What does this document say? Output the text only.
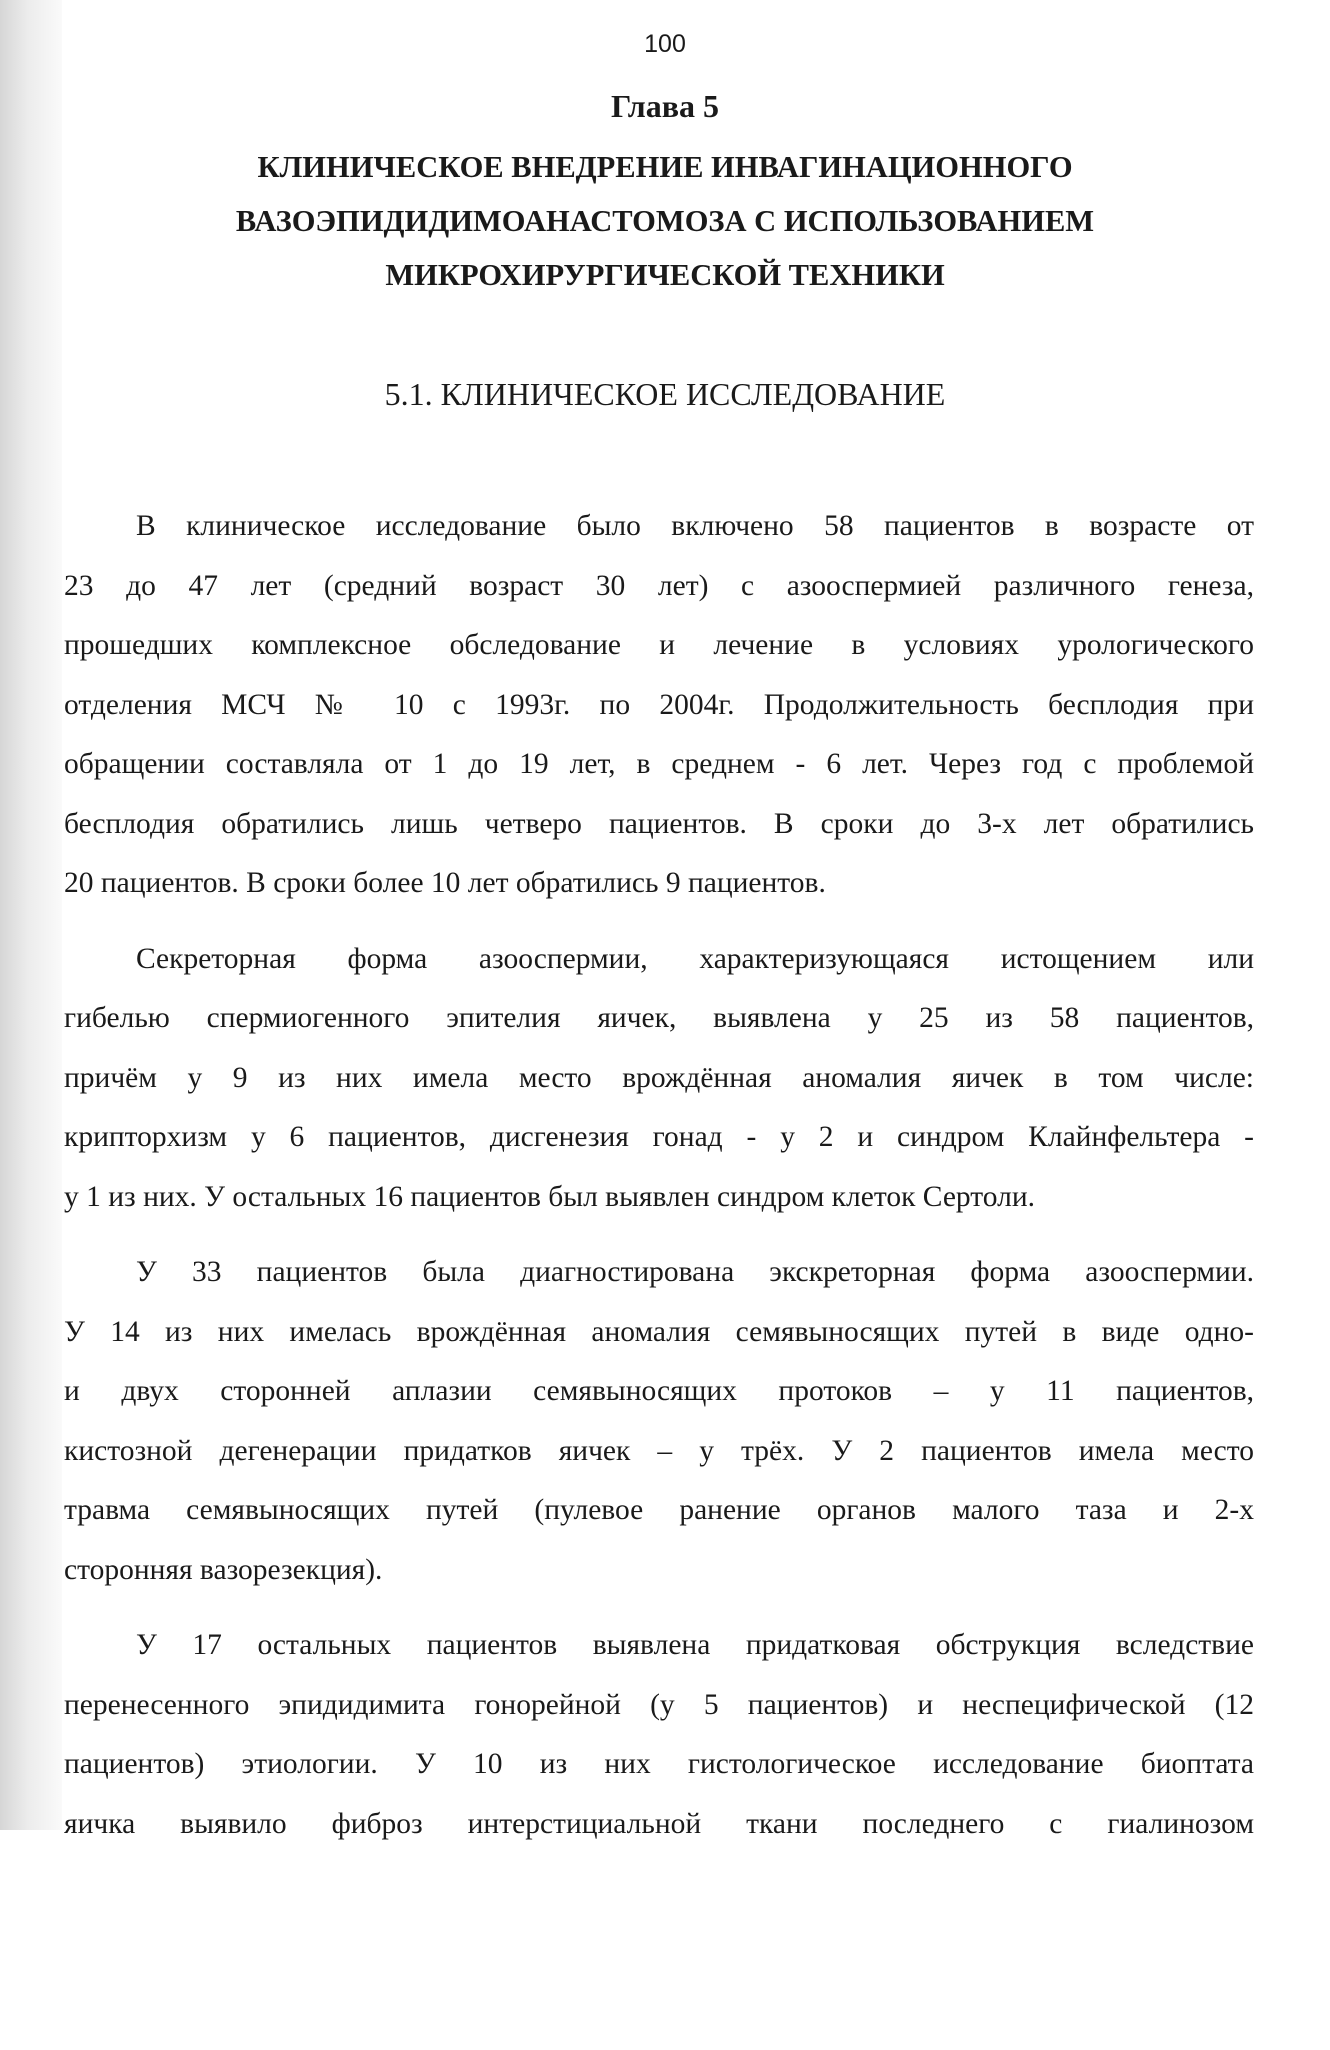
100
Глава 5
КЛИНИЧЕСКОЕ ВНЕДРЕНИЕ ИНВАГИНАЦИОННОГО
ВАЗОЭПИДИДИМОАНАСТОМОЗА С ИСПОЛЬЗОВАНИЕМ
МИКРОХИРУРГИЧЕСКОЙ ТЕХНИКИ
5.1. КЛИНИЧЕСКОЕ ИССЛЕДОВАНИЕ
В клиническое исследование было включено 58 пациентов в возрасте от
23 до 47 лет (средний возраст 30 лет) с азооспермией различного генеза,
прошедших комплексное обследование и лечение в условиях урологического
отделения МСЧ № 10 с 1993г. по 2004г. Продолжительность бесплодия при
обращении составляла от 1 до 19 лет, в среднем - 6 лет. Через год с проблемой
бесплодия обратились лишь четверо пациентов. В сроки до 3-х лет обратились
20 пациентов. В сроки более 10 лет обратились 9 пациентов.
Секреторная форма азооспермии, характеризующаяся истощением или
гибелью спермиогенного эпителия яичек, выявлена у 25 из 58 пациентов,
причём у 9 из них имела место врождённая аномалия яичек в том числе:
крипторхизм у 6 пациентов, дисгенезия гонад - у 2 и синдром Клайнфельтера -
у 1 из них. У остальных 16 пациентов был выявлен синдром клеток Сертоли.
У 33 пациентов была диагностирована экскреторная форма азооспермии.
У 14 из них имелась врождённая аномалия семявыносящих путей в виде одно-
и двух сторонней аплазии семявыносящих протоков – у 11 пациентов,
кистозной дегенерации придатков яичек – у трёх. У 2 пациентов имела место
травма семявыносящих путей (пулевое ранение органов малого таза и 2-х
сторонняя вазорезекция).
У 17 остальных пациентов выявлена придатковая обструкция вследствие
перенесенного эпидидимита гонорейной (у 5 пациентов) и неспецифической (12
пациентов) этиологии. У 10 из них гистологическое исследование биоптата
яичка выявило фиброз интерстициальной ткани последнего с гиалинозом
